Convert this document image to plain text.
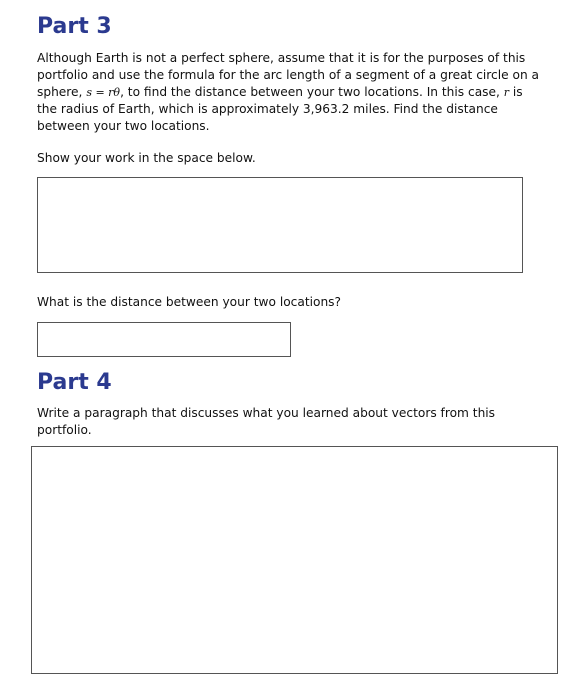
Part 3

Although Earth is not a perfect sphere, assume that it is for the purposes of this portfolio and use the formula for the arc length of a segment of a great circle on a sphere, s = rθ, to find the distance between your two locations. In this case, r is the radius of Earth, which is approximately 3,963.2 miles. Find the distance between your two locations.

Show your work in the space below.

What is the distance between your two locations?

Part 4

Write a paragraph that discusses what you learned about vectors from this portfolio.
